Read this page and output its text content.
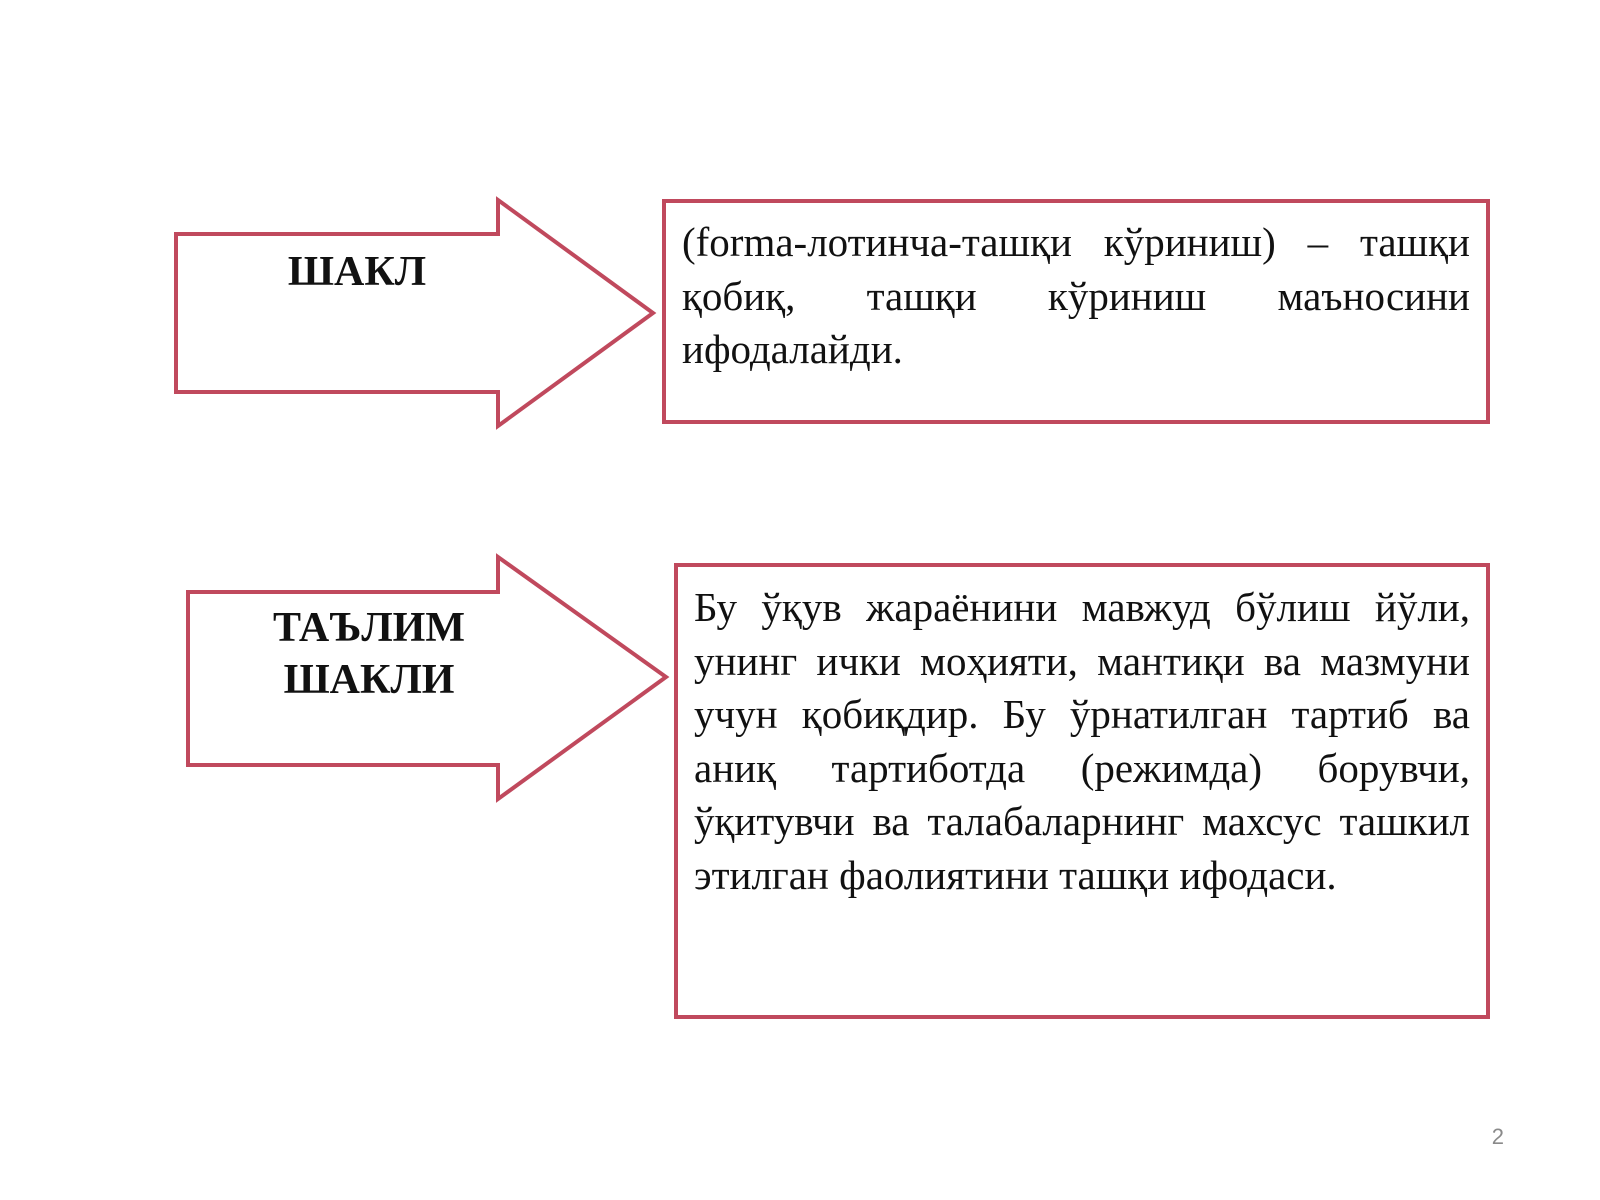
ШАКЛ
ТАЪЛИМ ШАКЛИ

(forma-лотинча-ташқи кўриниш) – ташқи қобиқ, ташқи кўриниш маъносини ифодалайди.

Бу ўқув жараёнини мавжуд бўлиш йўли, унинг ички моҳияти, мантиқи ва мазмуни учун қобиқдир. Бу ўрнатилган тартиб ва аниқ тартиботда (режимда) борувчи, ўқитувчи ва талабаларнинг махсус ташкил этилган фаолиятини ташқи ифодаси.

2
